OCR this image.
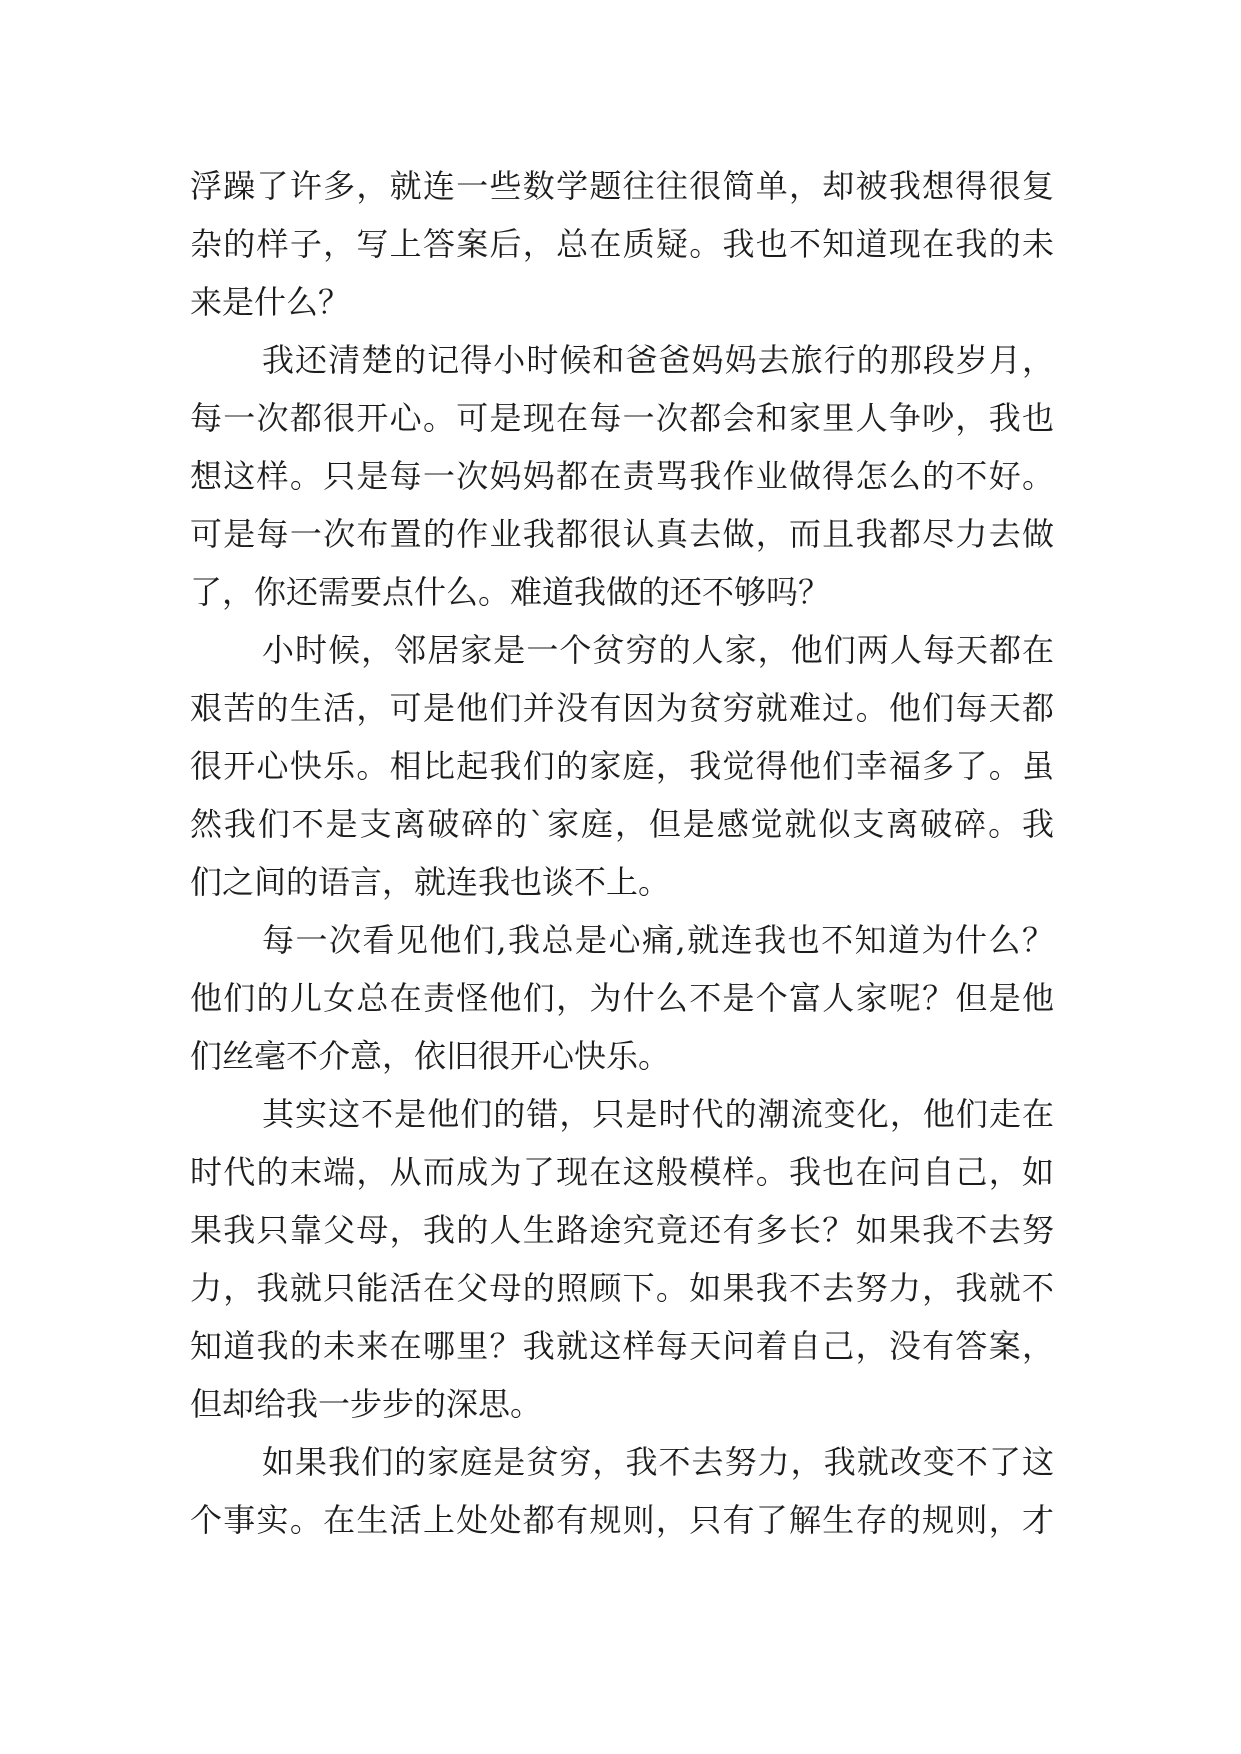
浮躁了许多，就连一些数学题往往很简单，却被我想得很复
杂的样子，写上答案后，总在质疑。我也不知道现在我的未
来是什么？
我还清楚的记得小时候和爸爸妈妈去旅行的那段岁月，
每一次都很开心。可是现在每一次都会和家里人争吵，我也
想这样。只是每一次妈妈都在责骂我作业做得怎么的不好。
可是每一次布置的作业我都很认真去做，而且我都尽力去做
了，你还需要点什么。难道我做的还不够吗？
小时候，邻居家是一个贫穷的人家，他们两人每天都在
艰苦的生活，可是他们并没有因为贫穷就难过。他们每天都
很开心快乐。相比起我们的家庭，我觉得他们幸福多了。虽
然我们不是支离破碎的`家庭，但是感觉就似支离破碎。我
们之间的语言，就连我也谈不上。
每一次看见他们,我总是心痛,就连我也不知道为什么？
他们的儿女总在责怪他们，为什么不是个富人家呢？但是他
们丝毫不介意，依旧很开心快乐。
其实这不是他们的错，只是时代的潮流变化，他们走在
时代的末端，从而成为了现在这般模样。我也在问自己，如
果我只靠父母，我的人生路途究竟还有多长？如果我不去努
力，我就只能活在父母的照顾下。如果我不去努力，我就不
知道我的未来在哪里？我就这样每天问着自己，没有答案，
但却给我一步步的深思。
如果我们的家庭是贫穷，我不去努力，我就改变不了这
个事实。在生活上处处都有规则，只有了解生存的规则，才
